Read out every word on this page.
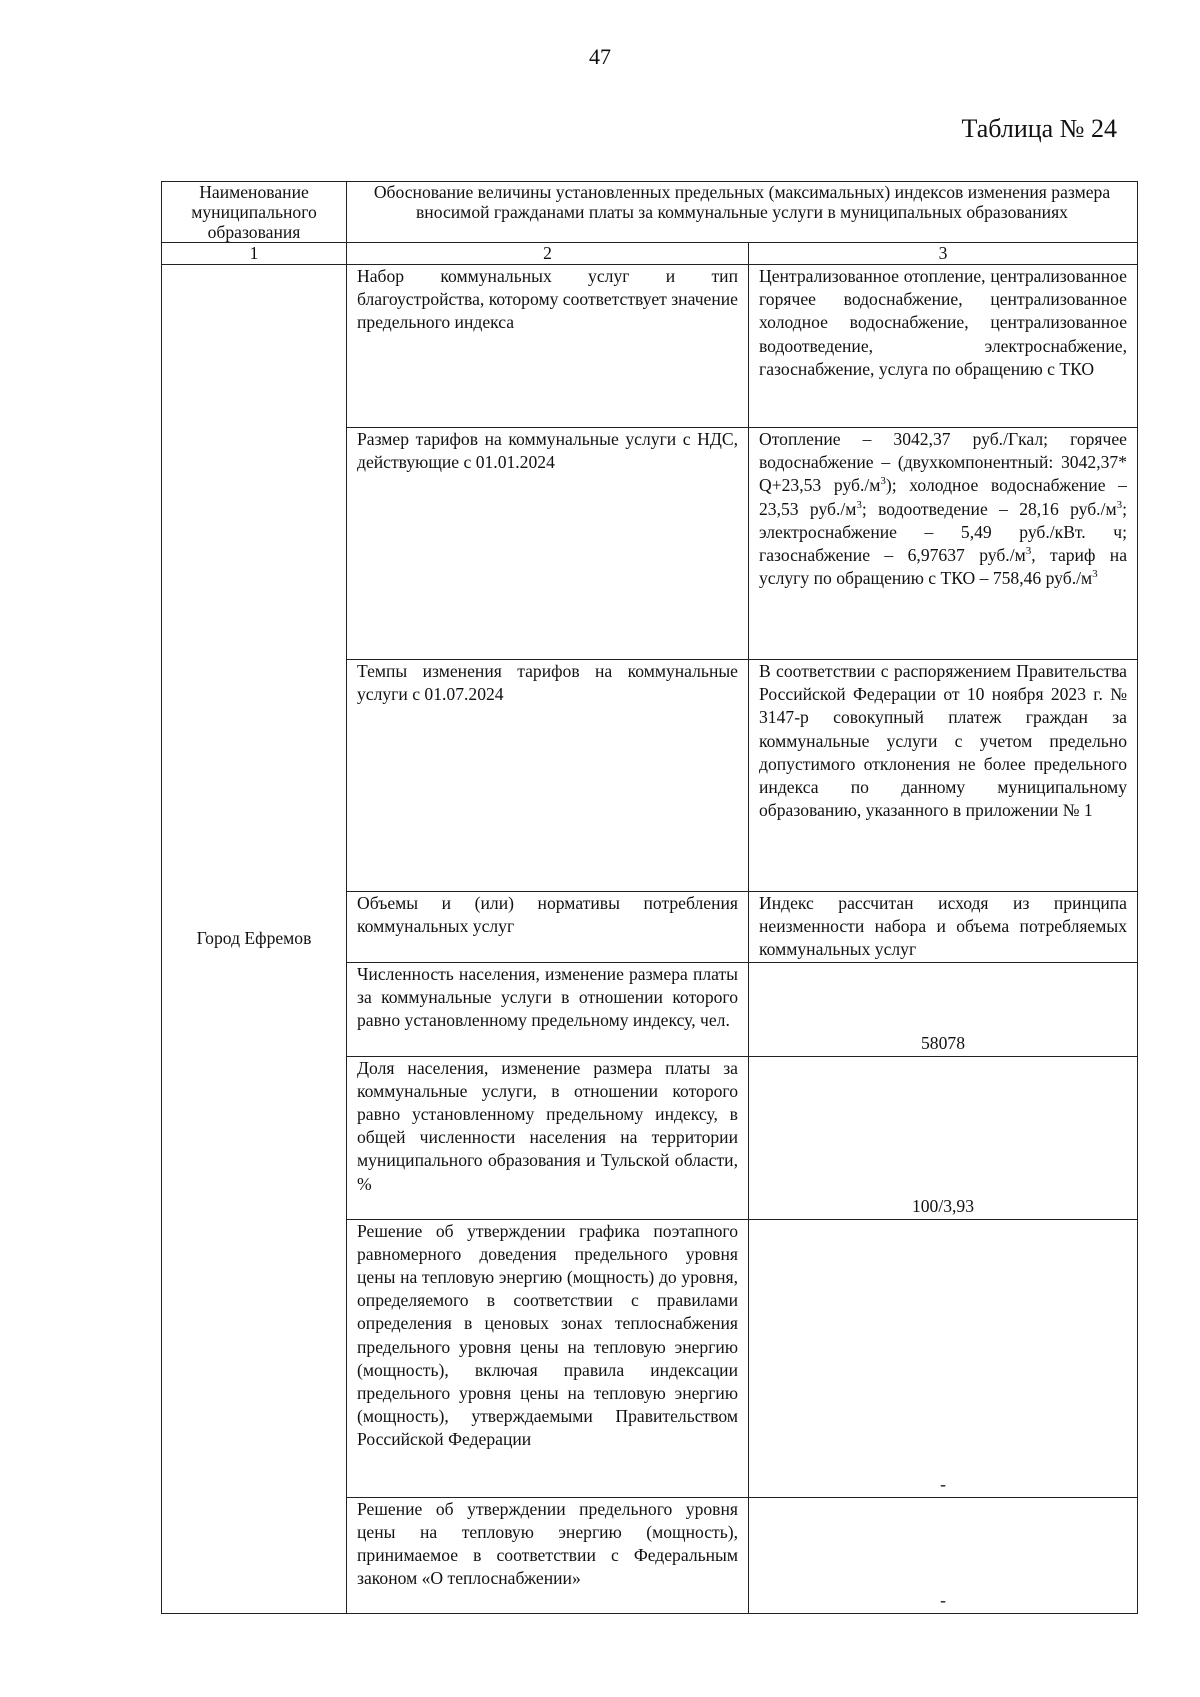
47
Таблица № 24
Наименование муниципального образования	Обоснование величины установленных предельных (максимальных) индексов изменения размера вносимой гражданами платы за коммунальные услуги в муниципальных образованиях	
1	2	3
Город Ефремов	Набор коммунальных услуг и тип благоустройства, которому соответствует значение предельного индекса	Централизованное отопление, централизованное горячее водоснабжение, централизованное холодное водоснабжение, централизованное водоотведение, электроснабжение, газоснабжение, услуга по обращению с ТКО
	Размер тарифов на коммунальные услуги с НДС, действующие с 01.01.2024	Отопление – 3042,37 руб./Гкал; горячее водоснабжение – (двухкомпонентный: 3042,37* Q+23,53 $руб./м^3$); холодное водоснабжение – 23,53 $руб./м^3$; водоотведение – 28,16 $руб./м^3$; электроснабжение – 5,49 руб./кВт. ч; газоснабжение – 6,97637 $руб./м^3$, тариф на услугу по обращению с ТКО – 758,46 $руб./м^3$
	Темпы изменения тарифов на коммунальные услуги с 01.07.2024	В соответствии с распоряжением Правительства Российской Федерации от 10 ноября 2023 г. № 3147-р совокупный платеж граждан за коммунальные услуги с учетом предельно допустимого отклонения не более предельного индекса по данному муниципальному образованию, указанного в приложении № 1
	Объемы и (или) нормативы потребления коммунальных услуг	Индекс рассчитан исходя из принципа неизменности набора и объема потребляемых коммунальных услуг
	Численность населения, изменение размера платы за коммунальные услуги в отношении которого равно установленному предельному индексу, чел.	58078
	Доля населения, изменение размера платы за коммунальные услуги, в отношении которого равно установленному предельному индексу, в общей численности населения на территории муниципального образования и Тульской области, %	100/3,93
	Решение об утверждении графика поэтапного равномерного доведения предельного уровня цены на тепловую энергию (мощность) до уровня, определяемого в соответствии с правилами определения в ценовых зонах теплоснабжения предельного уровня цены на тепловую энергию (мощность), включая правила индексации предельного уровня цены на тепловую энергию (мощность), утверждаемыми Правительством Российской Федерации	-
	Решение об утверждении предельного уровня цены на тепловую энергию (мощность), принимаемое в соответствии с Федеральным законом «О теплоснабжении»	-
